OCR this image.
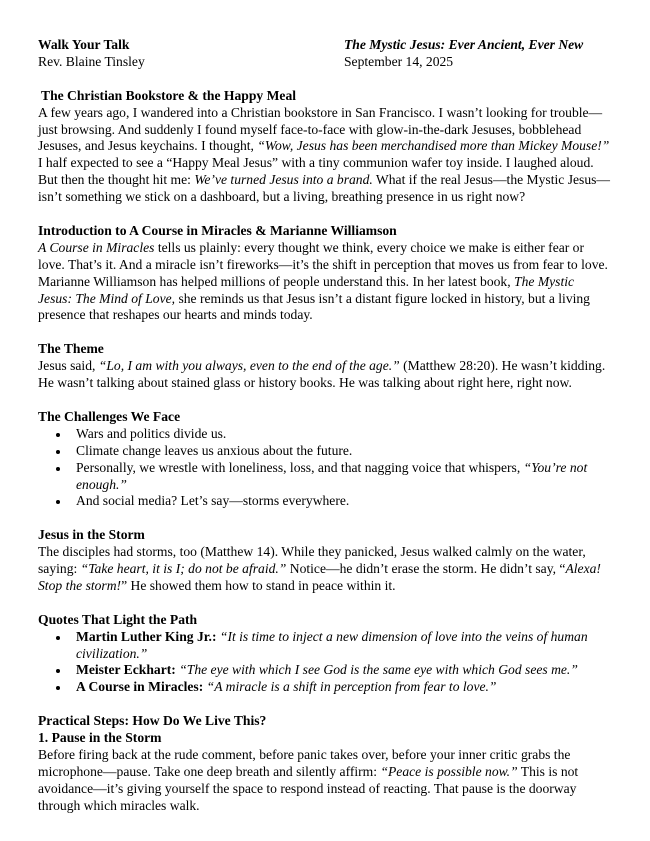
Walk Your Talk
Rev. Blaine Tinsley
The Mystic Jesus: Ever Ancient, Ever New
September 14, 2025
The Christian Bookstore & the Happy Meal

A few years ago, I wandered into a Christian bookstore in San Francisco. I wasn’t looking for trouble—just browsing. And suddenly I found myself face-to-face with glow-in-the-dark Jesuses, bobblehead Jesuses, and Jesus keychains. I thought, “Wow, Jesus has been merchandised more than Mickey Mouse!”

I half expected to see a “Happy Meal Jesus” with a tiny communion wafer toy inside. I laughed aloud. But then the thought hit me: We’ve turned Jesus into a brand. What if the real Jesus—the Mystic Jesus—isn’t something we stick on a dashboard, but a living, breathing presence in us right now?

Introduction to A Course in Miracles & Marianne Williamson

A Course in Miracles tells us plainly: every thought we think, every choice we make is either fear or love. That’s it. And a miracle isn’t fireworks—it’s the shift in perception that moves us from fear to love.

Marianne Williamson has helped millions of people understand this. In her latest book, The Mystic Jesus: The Mind of Love, she reminds us that Jesus isn’t a distant figure locked in history, but a living presence that reshapes our hearts and minds today.

The Theme

Jesus said, “Lo, I am with you always, even to the end of the age.” (Matthew 28:20). He wasn’t kidding. He wasn’t talking about stained glass or history books. He was talking about right here, right now.

The Challenges We Face
Wars and politics divide us.
Climate change leaves us anxious about the future.
Personally, we wrestle with loneliness, loss, and that nagging voice that whispers, “You’re not enough.”
And social media? Let’s say—storms everywhere.
Jesus in the Storm

The disciples had storms, too (Matthew 14). While they panicked, Jesus walked calmly on the water, saying: “Take heart, it is I; do not be afraid.” Notice—he didn’t erase the storm. He didn’t say, “Alexa! Stop the storm!” He showed them how to stand in peace within it.

Quotes That Light the Path
Martin Luther King Jr.: “It is time to inject a new dimension of love into the veins of human civilization.”
Meister Eckhart: “The eye with which I see God is the same eye with which God sees me.”
A Course in Miracles: “A miracle is a shift in perception from fear to love.”
Practical Steps: How Do We Live This?
1. Pause in the Storm

Before firing back at the rude comment, before panic takes over, before your inner critic grabs the microphone—pause. Take one deep breath and silently affirm: “Peace is possible now.” This is not avoidance—it’s giving yourself the space to respond instead of reacting. That pause is the doorway through which miracles walk.
